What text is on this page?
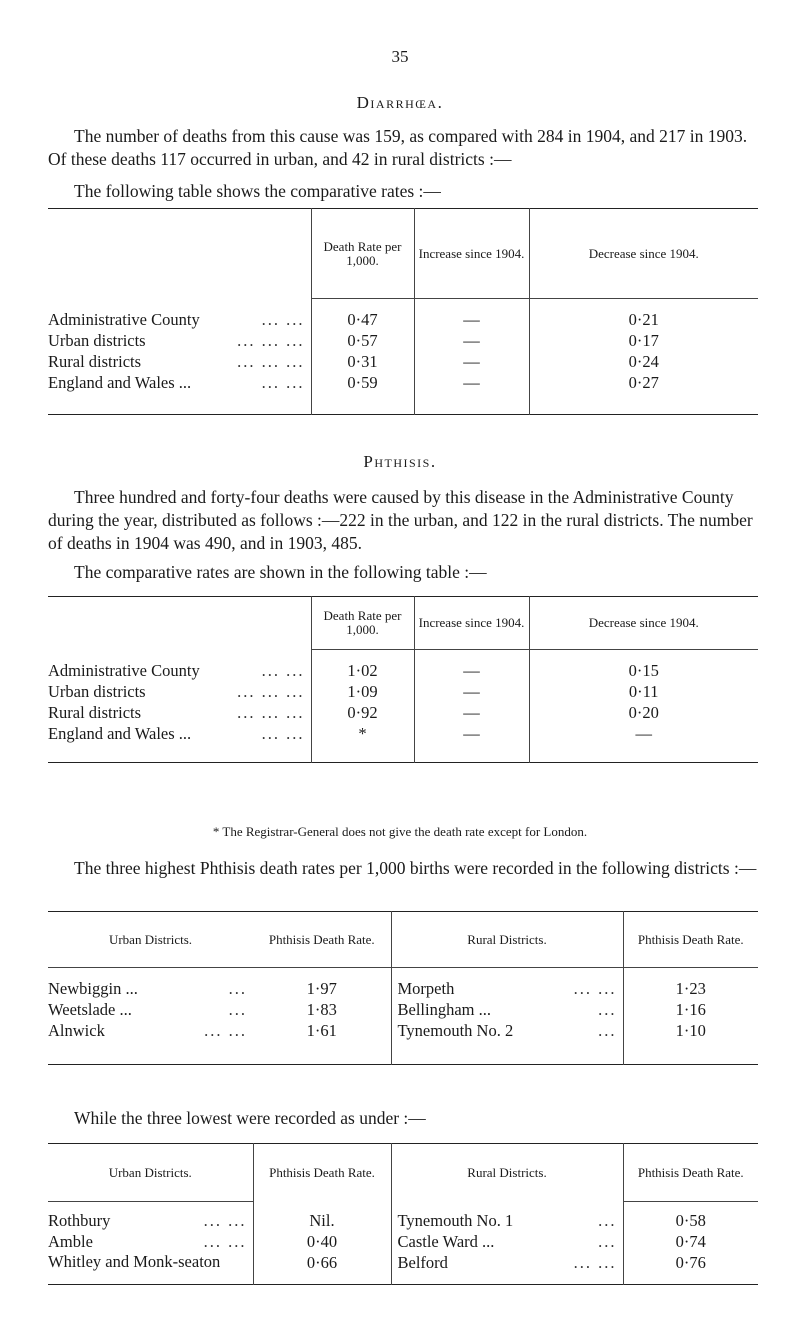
35
Diarrhœa.

The number of deaths from this cause was 159, as compared with 284 in 1904, and 217 in 1903. Of these deaths 117 occurred in urban, and 42 in rural districts :—

The following table shows the comparative rates :—

	Death Rate per 1,000.	Increase since 1904.	Decrease since 1904.

Administrative County ... ...	0·47	—	0·21
Urban districts ... ... ...	0·57	—	0·17
Rural districts ... ... ...	0·31	—	0·24
England and Wales ... ... ...	0·59	—	0·27

Phthisis.

Three hundred and forty-four deaths were caused by this disease in the Administrative County during the year, distributed as follows :—222 in the urban, and 122 in the rural districts. The number of deaths in 1904 was 490, and in 1903, 485.

The comparative rates are shown in the following table :—

	Death Rate per 1,000.	Increase since 1904.	Decrease since 1904.

Administrative County ... ...	1·02	—	0·15
Urban districts ... ... ...	1·09	—	0·11
Rural districts ... ... ...	0·92	—	0·20
England and Wales ... ... ...	*	—	—

* The Registrar-General does not give the death rate except for London.

The three highest Phthisis death rates per 1,000 births were recorded in the following districts :—

Urban Districts.	Phthisis Death Rate.	Rural Districts.	Phthisis Death Rate.

Newbiggin ... ...	1·97	Morpeth ... ...	1·23
Weetslade ... ...	1·83	Bellingham ... ...	1·16
Alnwick ... ...	1·61	Tynemouth No. 2 ...	1·10

While the three lowest were recorded as under :—

Urban Districts.	Phthisis Death Rate.	Rural Districts.	Phthisis Death Rate.

Rothbury ... ...	Nil.	Tynemouth No. 1 ...	0·58
Amble ... ...	0·40	Castle Ward ... ...	0·74
Whitley and Monk-seaton	0·66	Belford ... ...	0·76
